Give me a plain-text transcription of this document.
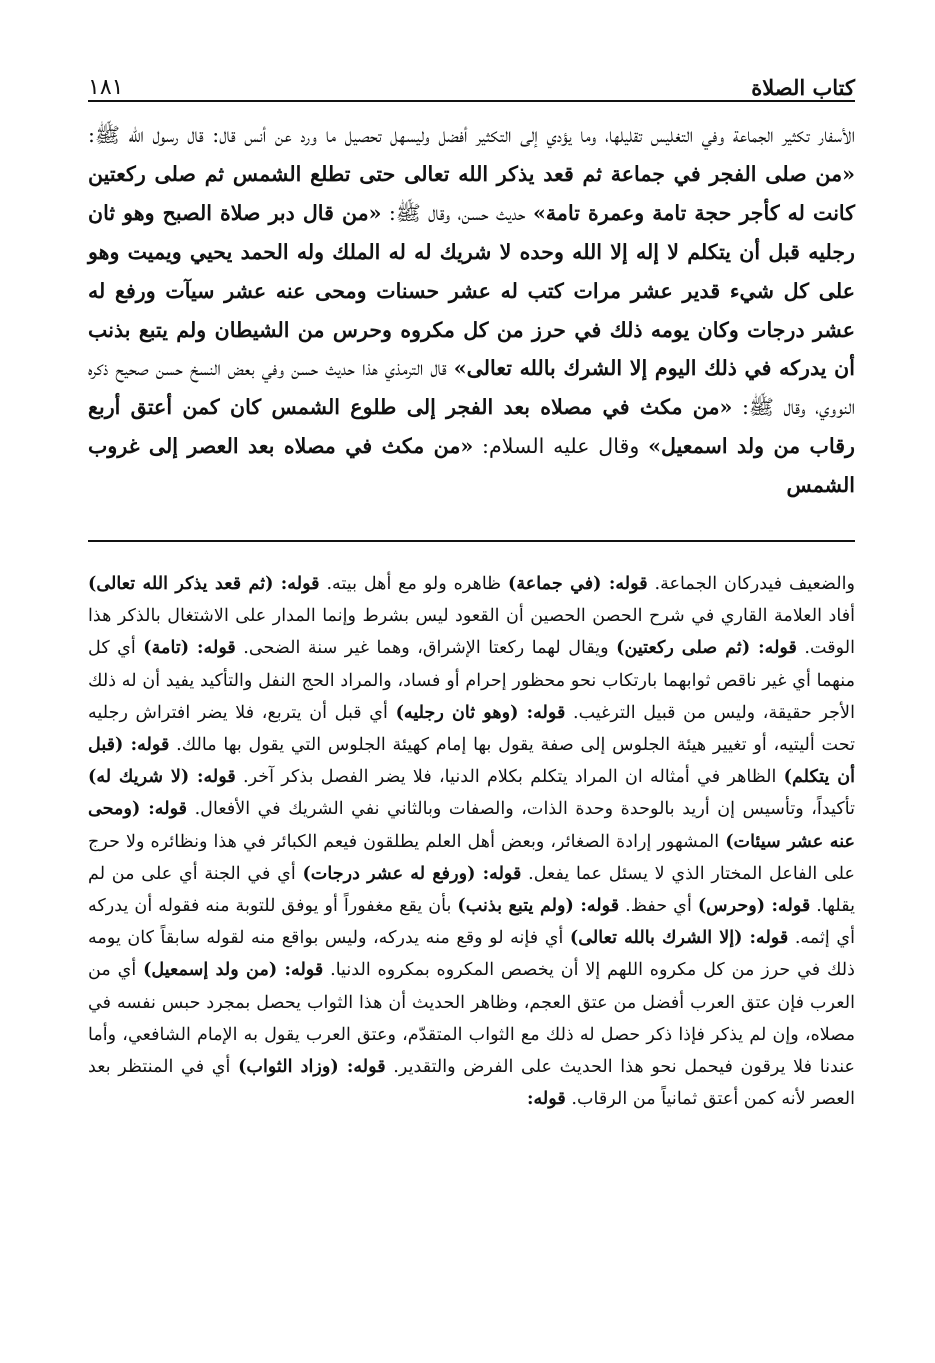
كتاب الصلاة
١٨١

الأسفار تكثير الجماعة وفي التغليس تقليلها، وما يؤدي إلى التكثير أفضل وليسهل تحصيل ما ورد عن أنس قال: قال رسول الله ﷺ: «من صلى الفجر في جماعة ثم قعد يذكر الله تعالى حتى تطلع الشمس ثم صلى ركعتين كانت له كأجر حجة تامة وعمرة تامة» حديث حسن، وقال ﷺ: «من قال دبر صلاة الصبح وهو ثان رجليه قبل أن يتكلم لا إله إلا الله وحده لا شريك له له الملك وله الحمد يحيي ويميت وهو على كل شيء قدير عشر مرات كتب له عشر حسنات ومحى عنه عشر سيآت ورفع له عشر درجات وكان يومه ذلك في حرز من كل مكروه وحرس من الشيطان ولم يتبع بذنب أن يدركه في ذلك اليوم إلا الشرك بالله تعالى» قال الترمذي هذا حديث حسن وفي بعض النسخ حسن صحيح ذكره النووي، وقال ﷺ: «من مكث في مصلاه بعد الفجر إلى طلوع الشمس كان كمن أعتق أربع رقاب من ولد اسمعيل» وقال عليه السلام: «من مكث في مصلاه بعد العصر إلى غروب الشمس

والضعيف فيدركان الجماعة. قوله: (في جماعة) ظاهره ولو مع أهل بيته. قوله: (ثم قعد يذكر الله تعالى) أفاد العلامة القاري في شرح الحصن الحصين أن القعود ليس بشرط وإنما المدار على الاشتغال بالذكر هذا الوقت. قوله: (ثم صلى ركعتين) ويقال لهما ركعتا الإشراق، وهما غير سنة الضحى. قوله: (تامة) أي كل منهما أي غير ناقص ثوابهما بارتكاب نحو محظور إحرام أو فساد، والمراد الحج النفل والتأكيد يفيد أن له ذلك الأجر حقيقة، وليس من قبيل الترغيب. قوله: (وهو ثان رجليه) أي قبل أن يتربع، فلا يضر افتراش رجليه تحت أليتيه، أو تغيير هيئة الجلوس إلى صفة يقول بها إمام كهيئة الجلوس التي يقول بها مالك. قوله: (قبل أن يتكلم) الظاهر في أمثاله ان المراد يتكلم بكلام الدنيا، فلا يضر الفصل بذكر آخر. قوله: (لا شريك له) تأكيداً، وتأسيس إن أريد بالوحدة وحدة الذات، والصفات وبالثاني نفي الشريك في الأفعال. قوله: (ومحى عنه عشر سيئات) المشهور إرادة الصغائر، وبعض أهل العلم يطلقون فيعم الكبائر في هذا ونظائره ولا حرج على الفاعل المختار الذي لا يسئل عما يفعل. قوله: (ورفع له عشر درجات) أي في الجنة أي على من لم يقلها. قوله: (وحرس) أي حفظ. قوله: (ولم يتبع بذنب) بأن يقع مغفوراً أو يوفق للتوبة منه فقوله أن يدركه أي إثمه. قوله: (إلا الشرك بالله تعالى) أي فإنه لو وقع منه يدركه، وليس بواقع منه لقوله سابقاً كان يومه ذلك في حرز من كل مكروه اللهم إلا أن يخصص المكروه بمكروه الدنيا. قوله: (من ولد إسمعيل) أي من العرب فإن عتق العرب أفضل من عتق العجم، وظاهر الحديث أن هذا الثواب يحصل بمجرد حبس نفسه في مصلاه، وإن لم يذكر فإذا ذكر حصل له ذلك مع الثواب المتقدّم، وعتق العرب يقول به الإمام الشافعي، وأما عندنا فلا يرقون فيحمل نحو هذا الحديث على الفرض والتقدير. قوله: (وزاد الثواب) أي في المنتظر بعد العصر لأنه كمن أعتق ثمانياً من الرقاب. قوله:
